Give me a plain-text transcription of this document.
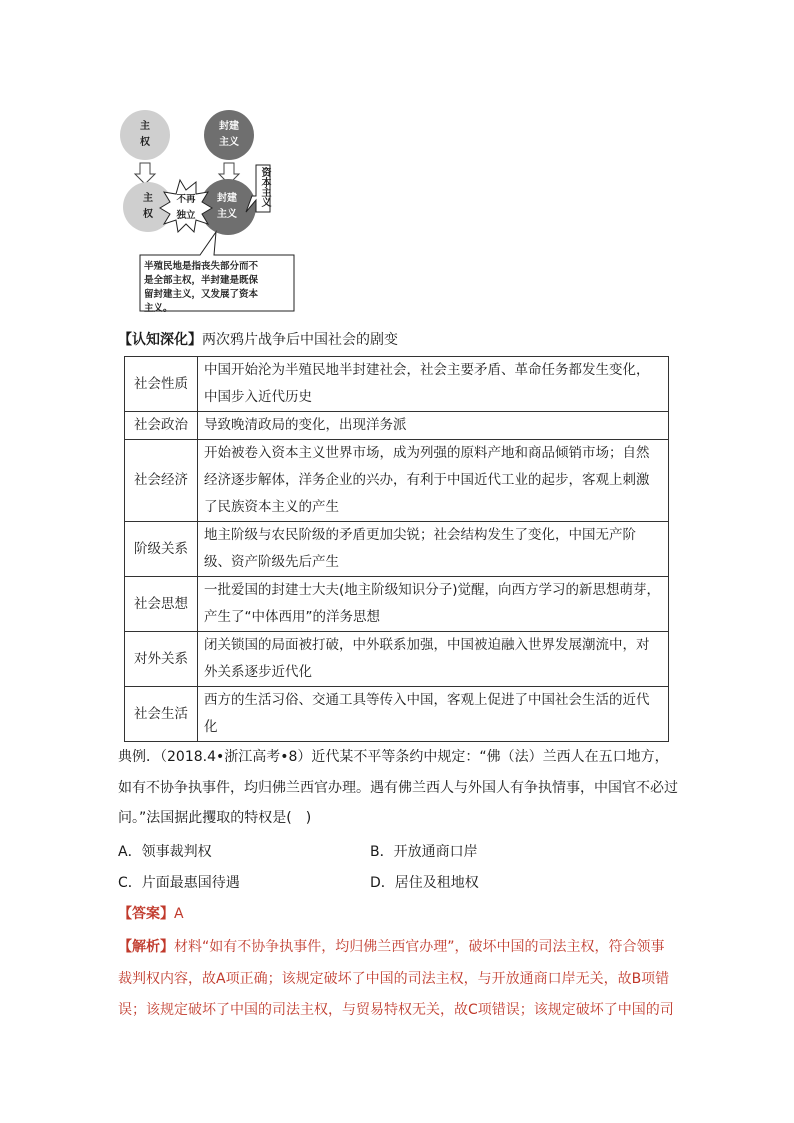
主权
封建主义
主权
封建主义
不再独立
资本主义
半殖民地是指丧失部分而不是全部主权，半封建是既保留封建主义，又发展了资本主义。
【认知深化】两次鸦片战争后中国社会的剧变
社会性质	中国开始沦为半殖民地半封建社会，社会主要矛盾、革命任务都发生变化，中国步入近代历史
社会政治	导致晚清政局的变化，出现洋务派
社会经济	开始被卷入资本主义世界市场，成为列强的原料产地和商品倾销市场；自然经济逐步解体，洋务企业的兴办，有利于中国近代工业的起步，客观上刺激了民族资本主义的产生
阶级关系	地主阶级与农民阶级的矛盾更加尖锐；社会结构发生了变化，中国无产阶级、资产阶级先后产生
社会思想	一批爱国的封建士大夫(地主阶级知识分子)觉醒，向西方学习的新思想萌芽，产生了“中体西用”的洋务思想
对外关系	闭关锁国的局面被打破，中外联系加强，中国被迫融入世界发展潮流中，对外关系逐步近代化
社会生活	西方的生活习俗、交通工具等传入中国，客观上促进了中国社会生活的近代化
典例．（2018.4•浙江高考•8）近代某不平等条约中规定：“佛（法）兰西人在五口地方，如有不协争执事件，均归佛兰西官办理。遇有佛兰西人与外国人有争执情事，中国官不必过问。”法国据此攫取的特权是(　)
A．领事裁判权	B．开放通商口岸
C．片面最惠国待遇	D．居住及租地权
【答案】A
【解析】材料“如有不协争执事件，均归佛兰西官办理”，破坏中国的司法主权，符合领事裁判权内容，故A项正确；该规定破坏了中国的司法主权，与开放通商口岸无关，故B项错误；该规定破坏了中国的司法主权，与贸易特权无关，故C项错误；该规定破坏了中国的司
